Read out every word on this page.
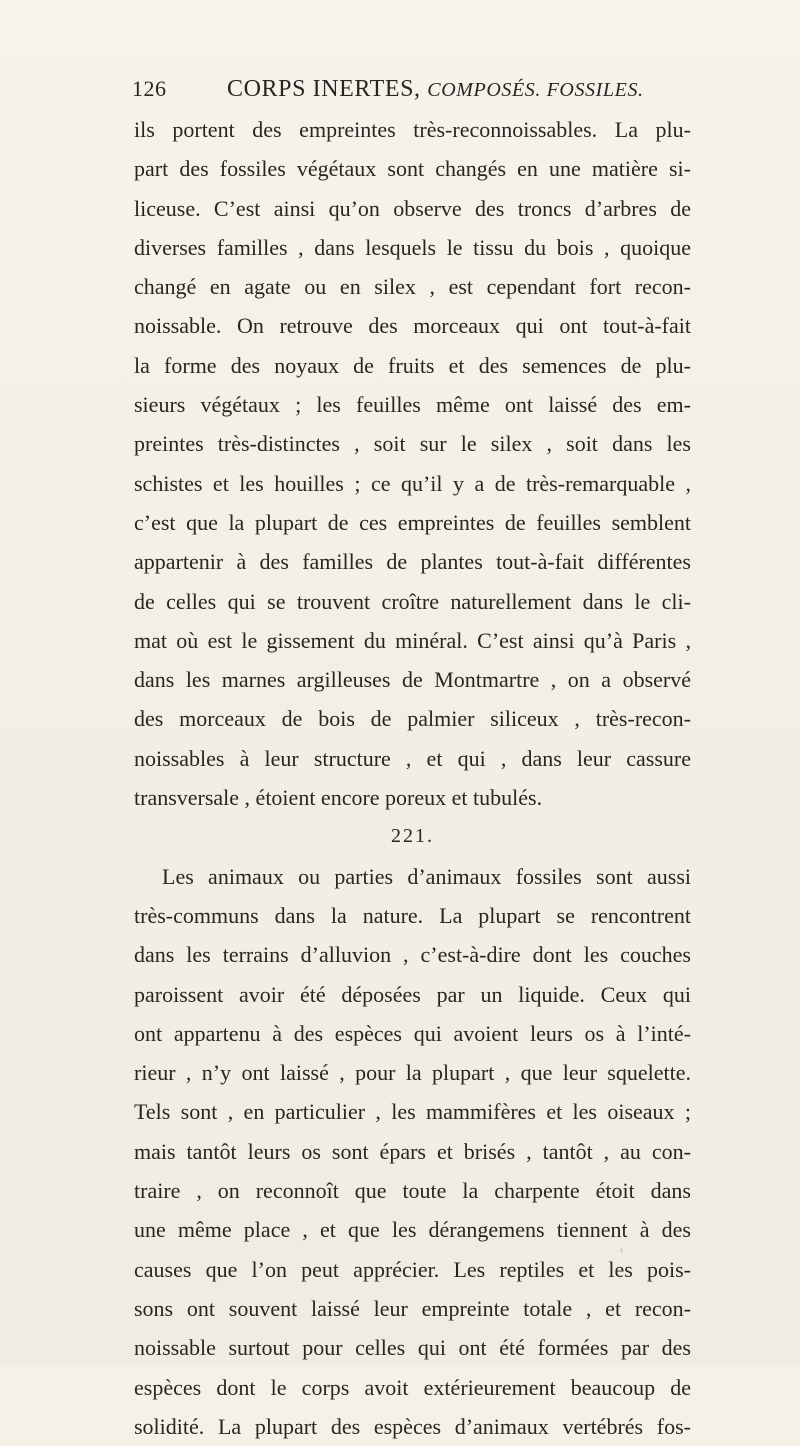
126	CORPS INERTES, COMPOSÉS. FOSSILES.
ils portent des empreintes très-reconnoissables. La plu-
part des fossiles végétaux sont changés en une matière si-
liceuse. C’est ainsi qu’on observe des troncs d’arbres de
diverses familles , dans lesquels le tissu du bois , quoique
changé en agate ou en silex , est cependant fort recon-
noissable. On retrouve des morceaux qui ont tout-à-fait
la forme des noyaux de fruits et des semences de plu-
sieurs végétaux ; les feuilles même ont laissé des em-
preintes très-distinctes , soit sur le silex , soit dans les
schistes et les houilles ; ce qu’il y a de très-remarquable ,
c’est que la plupart de ces empreintes de feuilles semblent
appartenir à des familles de plantes tout-à-fait différentes
de celles qui se trouvent croître naturellement dans le cli-
mat où est le gissement du minéral. C’est ainsi qu’à Paris ,
dans les marnes argilleuses de Montmartre , on a observé
des morceaux de bois de palmier siliceux , très-recon-
noissables à leur structure , et qui , dans leur cassure
transversale , étoient encore poreux et tubulés.
221.
Les animaux ou parties d’animaux fossiles sont aussi
très-communs dans la nature. La plupart se rencontrent
dans les terrains d’alluvion , c’est-à-dire dont les couches
paroissent avoir été déposées par un liquide. Ceux qui
ont appartenu à des espèces qui avoient leurs os à l’inté-
rieur , n’y ont laissé , pour la plupart , que leur squelette.
Tels sont , en particulier , les mammifères et les oiseaux ;
mais tantôt leurs os sont épars et brisés , tantôt , au con-
traire , on reconnoît que toute la charpente étoit dans
une même place , et que les dérangemens tiennent à des
causes que l’on peut apprécier. Les reptiles et les pois-
sons ont souvent laissé leur empreinte totale , et recon-
noissable surtout pour celles qui ont été formées par des
espèces dont le corps avoit extérieurement beaucoup de
solidité. La plupart des espèces d’animaux vertébrés fos-
